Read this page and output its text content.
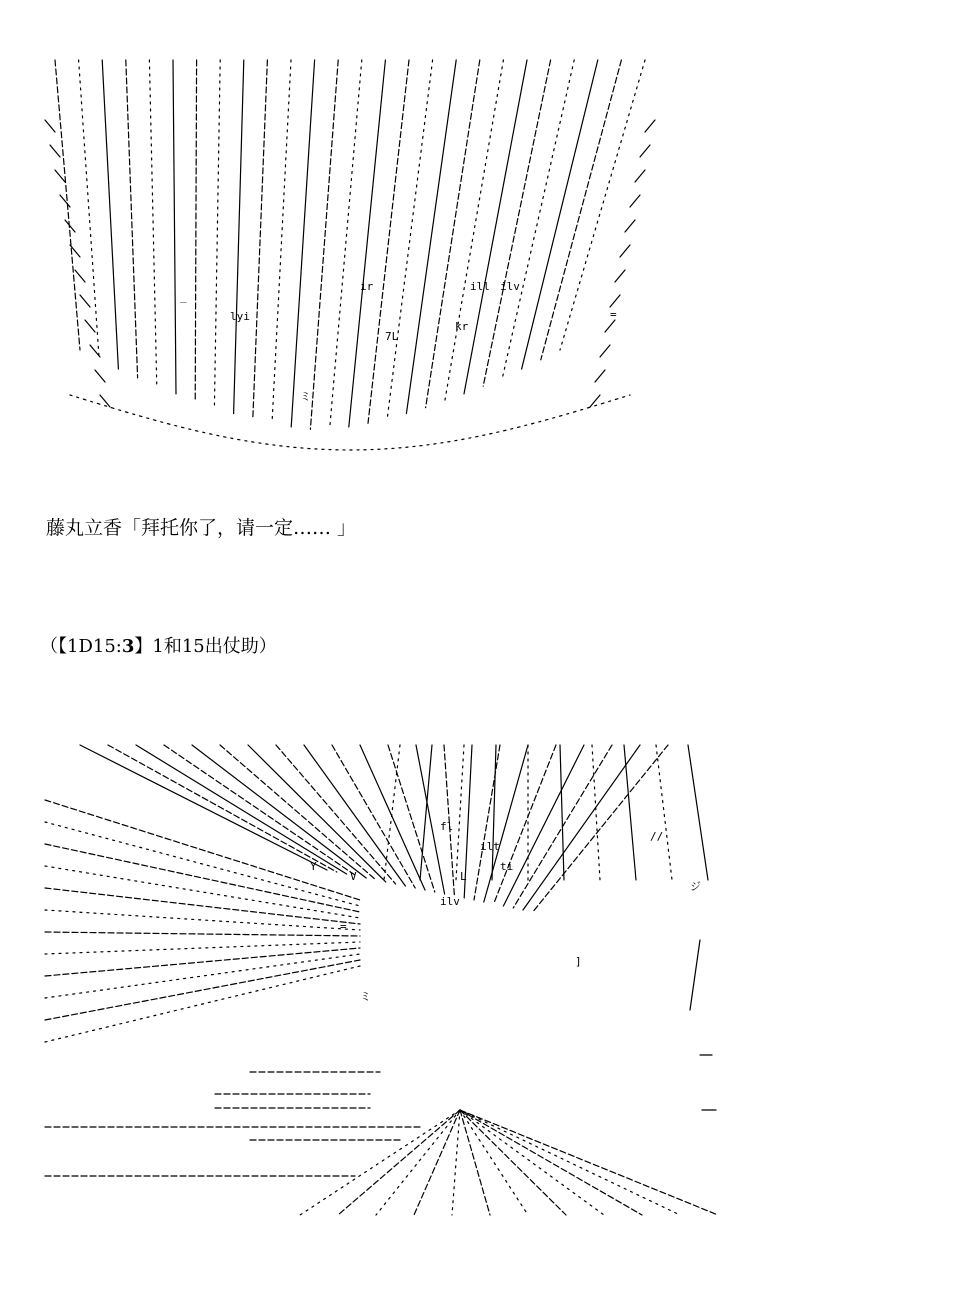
ilv
lyi
ir
7L
kr
ill
=
_
ミ

藤丸立香「拜托你了，请一定…… 」

（【1D15:3】1和15出仗助）

fl
ti
=
Y
ミ
ilv
ilt
//
ジ
]
L
V
